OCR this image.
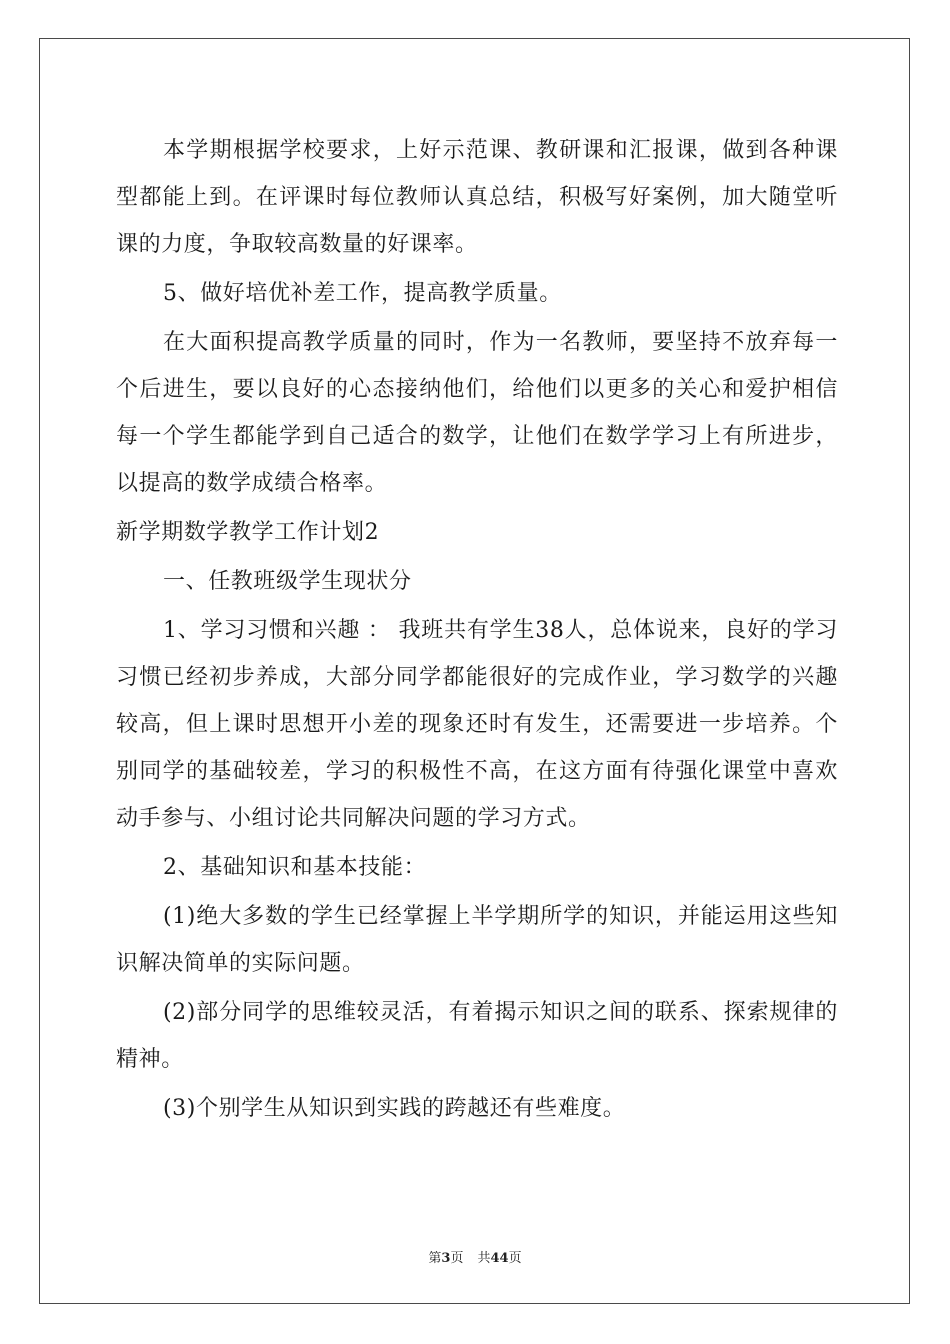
本学期根据学校要求，上好示范课、教研课和汇报课，做到各种课型都能上到。在评课时每位教师认真总结，积极写好案例，加大随堂听课的力度，争取较高数量的好课率。

5、做好培优补差工作，提高教学质量。

在大面积提高教学质量的同时，作为一名教师，要坚持不放弃每一个后进生，要以良好的心态接纳他们，给他们以更多的关心和爱护相信每一个学生都能学到自己适合的数学，让他们在数学学习上有所进步，以提高的数学成绩合格率。

新学期数学教学工作计划2

一、任教班级学生现状分

1、学习习惯和兴趣 ： 我班共有学生38人，总体说来，良好的学习习惯已经初步养成，大部分同学都能很好的完成作业，学习数学的兴趣较高，但上课时思想开小差的现象还时有发生，还需要进一步培养。个别同学的基础较差，学习的积极性不高，在这方面有待强化课堂中喜欢动手参与、小组讨论共同解决问题的学习方式。

2、基础知识和基本技能：

(1)绝大多数的学生已经掌握上半学期所学的知识，并能运用这些知识解决简单的实际问题。

(2)部分同学的思维较灵活，有着揭示知识之间的联系、探索规律的精神。

(3)个别学生从知识到实践的跨越还有些难度。

第3页 共44页
